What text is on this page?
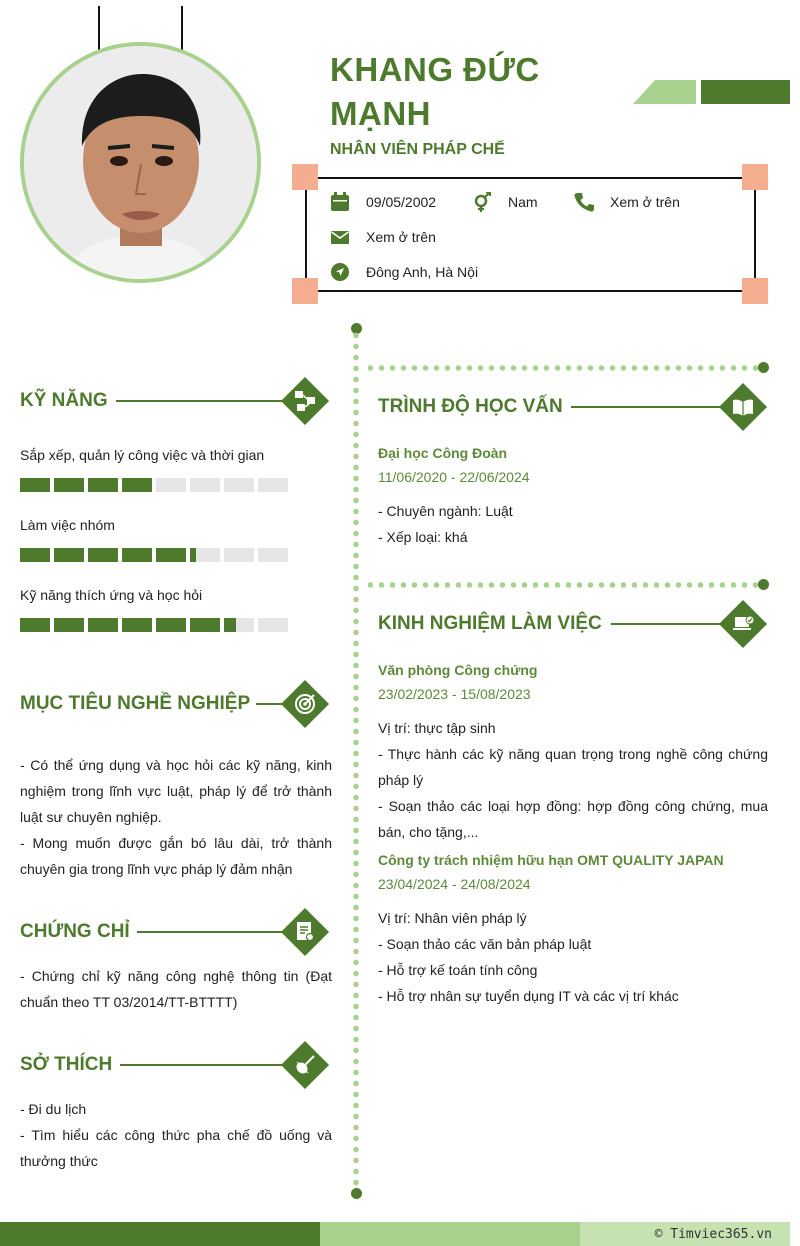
KHANG ĐỨC MẠNH
NHÂN VIÊN PHÁP CHẾ
09/05/2002	Nam	Xem ở trên
Xem ở trên
Đông Anh, Hà Nội
KỸ NĂNG
Sắp xếp, quản lý công việc và thời gian
Làm việc nhóm
Kỹ năng thích ứng và học hỏi
MỤC TIÊU NGHỀ NGHIỆP
- Có thể ứng dụng và học hỏi các kỹ năng, kinh nghiệm trong lĩnh vực luật, pháp lý để trở thành luật sư chuyên nghiệp.
- Mong muốn được gắn bó lâu dài, trở thành chuyên gia trong lĩnh vực pháp lý đảm nhận
CHỨNG CHỈ
- Chứng chỉ kỹ năng công nghệ thông tin (Đạt chuẩn theo TT 03/2014/TT-BTTTT)
SỞ THÍCH
- Đi du lịch
- Tìm hiểu các công thức pha chế đồ uống và thưởng thức
TRÌNH ĐỘ HỌC VẤN
Đại học Công Đoàn
11/06/2020 - 22/06/2024
- Chuyên ngành: Luật
- Xếp loại: khá
KINH NGHIỆM LÀM VIỆC
Văn phòng Công chứng
23/02/2023 - 15/08/2023
Vị trí: thực tập sinh
- Thực hành các kỹ năng quan trọng trong nghề công chứng pháp lý
- Soạn thảo các loại hợp đồng: hợp đồng công chứng, mua bán, cho tặng,...
Công ty trách nhiệm hữu hạn OMT QUALITY JAPAN
23/04/2024 - 24/08/2024
Vị trí: Nhân viên pháp lý
- Soạn thảo các văn bản pháp luật
- Hỗ trợ kế toán tính công
- Hỗ trợ nhân sự tuyển dụng IT và các vị trí khác
© Timviec365.vn
